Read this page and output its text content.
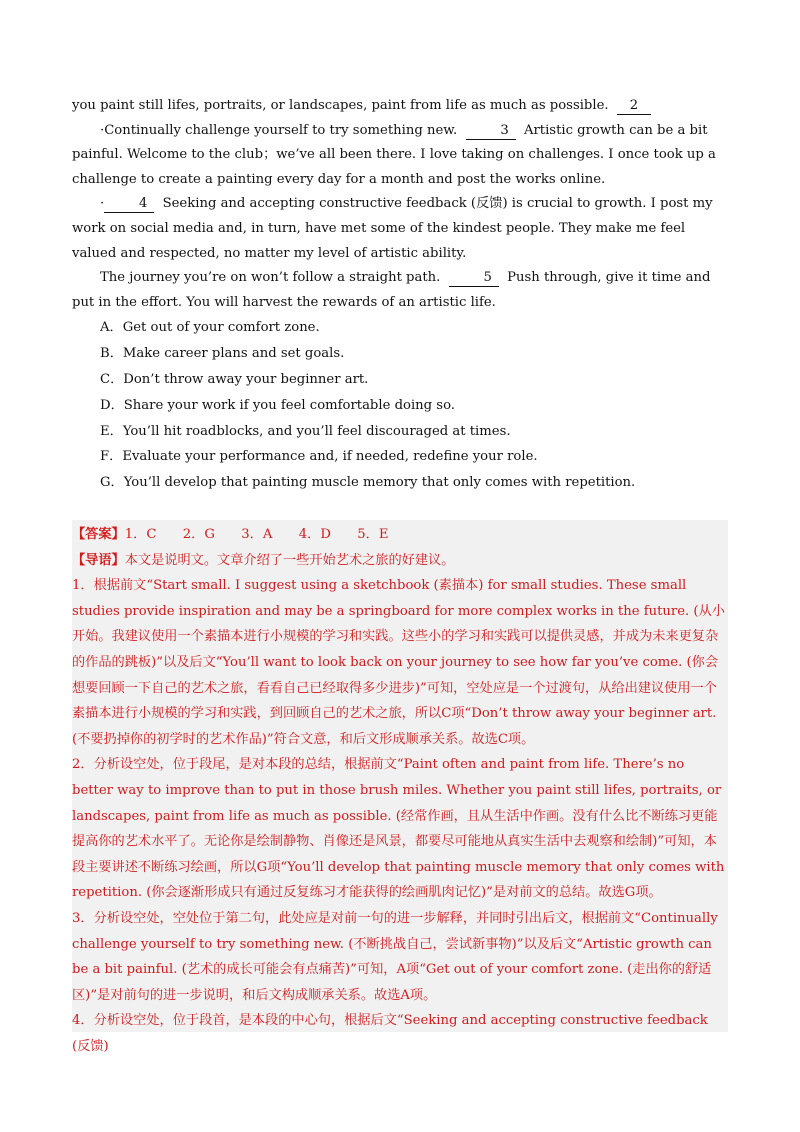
you paint still lifes, portraits, or landscapes, paint from life as much as possible. 2

·Continually challenge yourself to try something new.	3 Artistic growth can be a bit painful. Welcome to the club；we’ve all been there. I love taking on challenges. I once took up a challenge to create a painting every day for a month and post the works online.

·	4 Seeking and accepting constructive feedback (反馈) is crucial to growth. I post my work on social media and, in turn, have met some of the kindest people. They make me feel valued and respected, no matter my level of artistic ability.

The journey you’re on won’t follow a straight path.	5 Push through, give it time and put in the effort. You will harvest the rewards of an artistic life.

A．Get out of your comfort zone.

B．Make career plans and set goals.

C．Don’t throw away your beginner art.

D．Share your work if you feel comfortable doing so.

E．You’ll hit roadblocks, and you’ll feel discouraged at times.

F．Evaluate your performance and, if needed, redefine your role.

G．You’ll develop that painting muscle memory that only comes with repetition.

【答案】1．C　　2．G　　3．A　　4．D　　5．E

【导语】本文是说明文。文章介绍了一些开始艺术之旅的好建议。

1．根据前文“Start small. I suggest using a sketchbook (素描本) for small studies. These small studies provide inspiration and may be a springboard for more complex works in the future. (从小开始。我建议使用一个素描本进行小规模的学习和实践。这些小的学习和实践可以提供灵感，并成为未来更复杂的作品的跳板)”以及后文“You’ll want to look back on your journey to see how far you’ve come. (你会想要回顾一下自己的艺术之旅，看看自己已经取得多少进步)”可知，空处应是一个过渡句，从给出建议使用一个素描本进行小规模的学习和实践，到回顾自己的艺术之旅，所以C项“Don’t throw away your beginner art. (不要扔掉你的初学时的艺术作品)”符合文意，和后文形成顺承关系。故选C项。

2．分析设空处，位于段尾，是对本段的总结，根据前文“Paint often and paint from life. There’s no better way to improve than to put in those brush miles. Whether you paint still lifes, portraits, or landscapes, paint from life as much as possible. (经常作画，且从生活中作画。没有什么比不断练习更能提高你的艺术水平了。无论你是绘制静物、肖像还是风景，都要尽可能地从真实生活中去观察和绘制)”可知，本段主要讲述不断练习绘画，所以G项“You’ll develop that painting muscle memory that only comes with repetition. (你会逐渐形成只有通过反复练习才能获得的绘画肌肉记忆)”是对前文的总结。故选G项。

3．分析设空处，空处位于第二句，此处应是对前一句的进一步解释，并同时引出后文，根据前文“Continually challenge yourself to try something new. (不断挑战自己，尝试新事物)”以及后文“Artistic growth can be a bit painful. (艺术的成长可能会有点痛苦)”可知，A项“Get out of your comfort zone. (走出你的舒适区)”是对前句的进一步说明，和后文构成顺承关系。故选A项。

4．分析设空处，位于段首，是本段的中心句，根据后文“Seeking and accepting constructive feedback (反馈)
